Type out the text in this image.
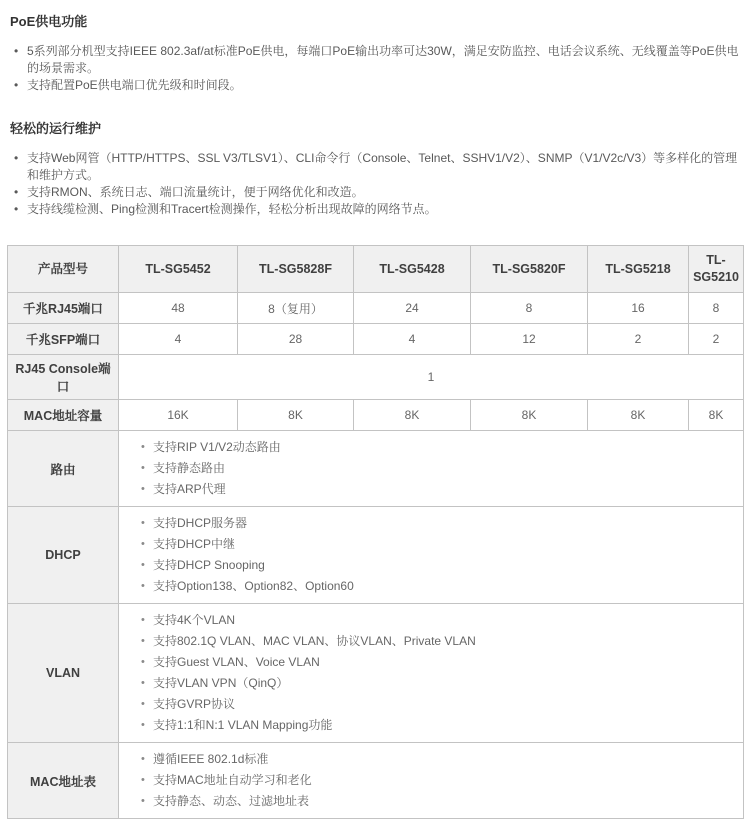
PoE供电功能
• 5系列部分机型支持IEEE 802.3af/at标准PoE供电，每端口PoE输出功率可达30W，满足安防监控、电话会议系统、无线覆盖等PoE供电的场景需求。
• 支持配置PoE供电端口优先级和时间段。
轻松的运行维护
• 支持Web网管（HTTP/HTTPS、SSL V3/TLSV1）、CLI命令行（Console、Telnet、SSHV1/V2）、SNMP（V1/V2c/V3）等多样化的管理和维护方式。
• 支持RMON、系统日志、端口流量统计，便于网络优化和改造。
• 支持线缆检测、Ping检测和Tracert检测操作，轻松分析出现故障的网络节点。
产品型号	TL-SG5452	TL-SG5828F	TL-SG5428	TL-SG5820F	TL-SG5218	TL-SG5210
千兆RJ45端口	48	8（复用）	24	8	16	8
千兆SFP端口	4	28	4	12	2	2
RJ45 Console端口	1					
MAC地址容量	16K	8K	8K	8K	8K	8K
路由	
• 支持RIP V1/V2动态路由
• 支持静态路由
• 支持ARP代理

DHCP	
• 支持DHCP服务器
• 支持DHCP中继
• 支持DHCP Snooping
• 支持Option138、Option82、Option60

VLAN	
• 支持4K个VLAN
• 支持802.1Q VLAN、MAC VLAN、协议VLAN、Private VLAN
• 支持Guest VLAN、Voice VLAN
• 支持VLAN VPN（QinQ）
• 支持GVRP协议
• 支持1:1和N:1 VLAN Mapping功能

MAC地址表	
• 遵循IEEE 802.1d标准
• 支持MAC地址自动学习和老化
• 支持静态、动态、过滤地址表
